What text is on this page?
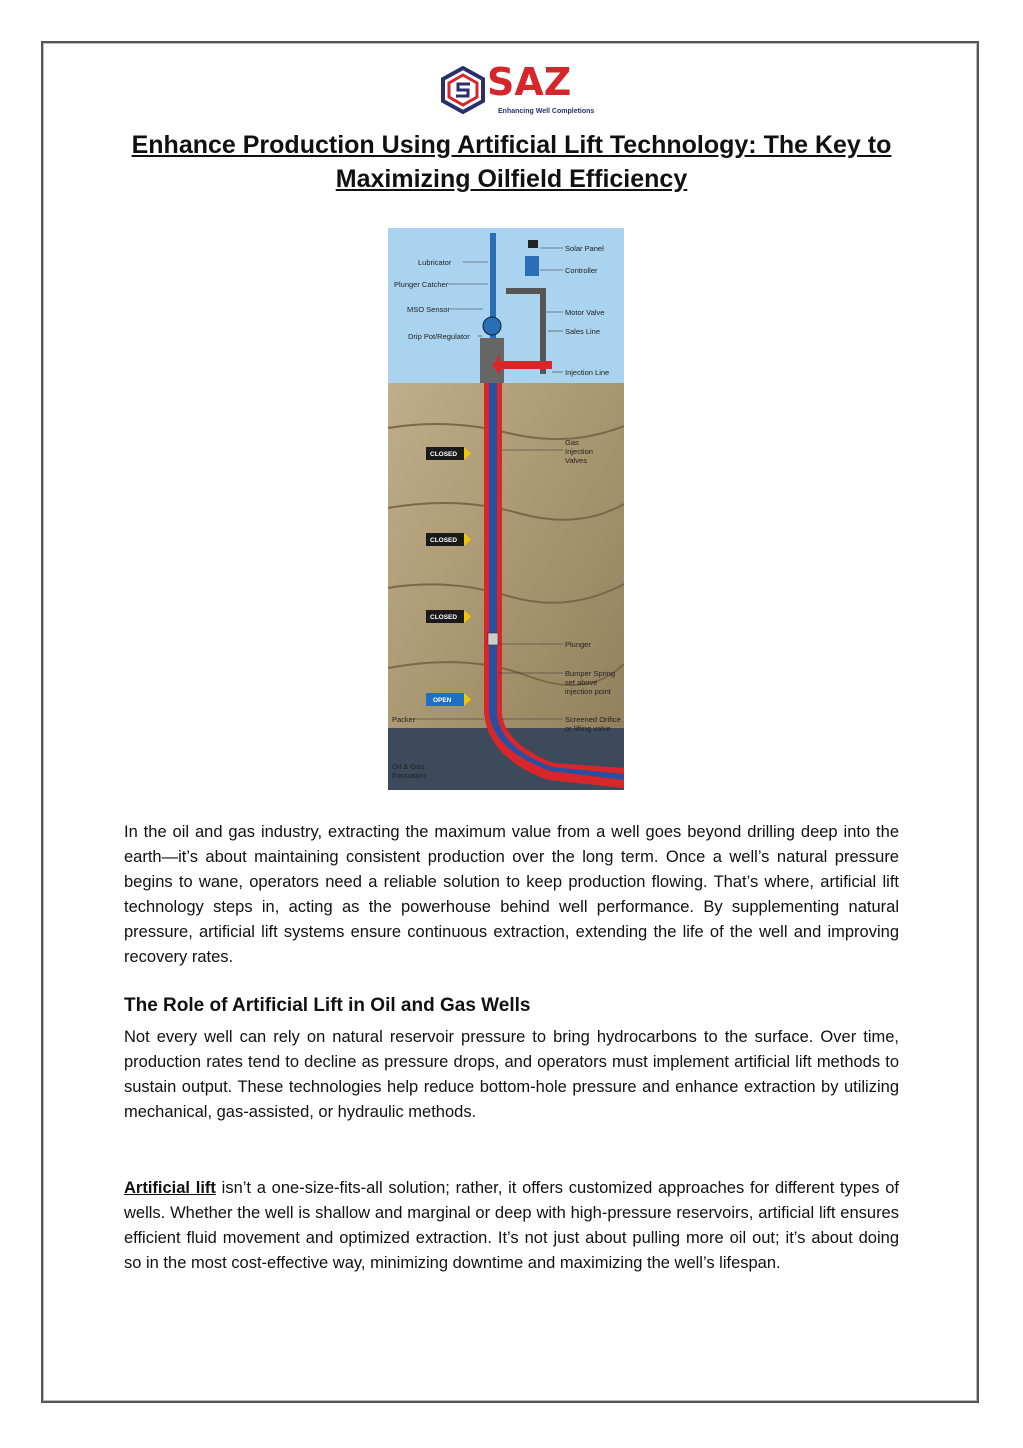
SAZ
Enhancing Well Completions
Enhance Production Using Artificial Lift Technology: The Key to Maximizing Oilfield Efficiency
CLOSED
CLOSED
CLOSED
OPEN
Lubricator
Plunger Catcher
MSO Sensor
Drip Pot/Regulator
Packer
Oil & Gas
Formation
Solar Panel
Controller
Motor Valve
Sales Line
Injection Line
Gas
Injection
Valves
Plunger
Bumper Spring
set above
injection point
Screened Orifice
or lifting valve
In the oil and gas industry, extracting the maximum value from a well goes beyond drilling deep into the earth—it’s about maintaining consistent production over the long term. Once a well’s natural pressure begins to wane, operators need a reliable solution to keep production flowing. That’s where, artificial lift technology steps in, acting as the powerhouse behind well performance. By supplementing natural pressure, artificial lift systems ensure continuous extraction, extending the life of the well and improving recovery rates.
The Role of Artificial Lift in Oil and Gas Wells
Not every well can rely on natural reservoir pressure to bring hydrocarbons to the surface. Over time, production rates tend to decline as pressure drops, and operators must implement artificial lift methods to sustain output. These technologies help reduce bottom-hole pressure and enhance extraction by utilizing mechanical, gas-assisted, or hydraulic methods.
Artificial lift isn’t a one-size-fits-all solution; rather, it offers customized approaches for different types of wells. Whether the well is shallow and marginal or deep with high-pressure reservoirs, artificial lift ensures efficient fluid movement and optimized extraction. It’s not just about pulling more oil out; it’s about doing so in the most cost-effective way, minimizing downtime and maximizing the well’s lifespan.
